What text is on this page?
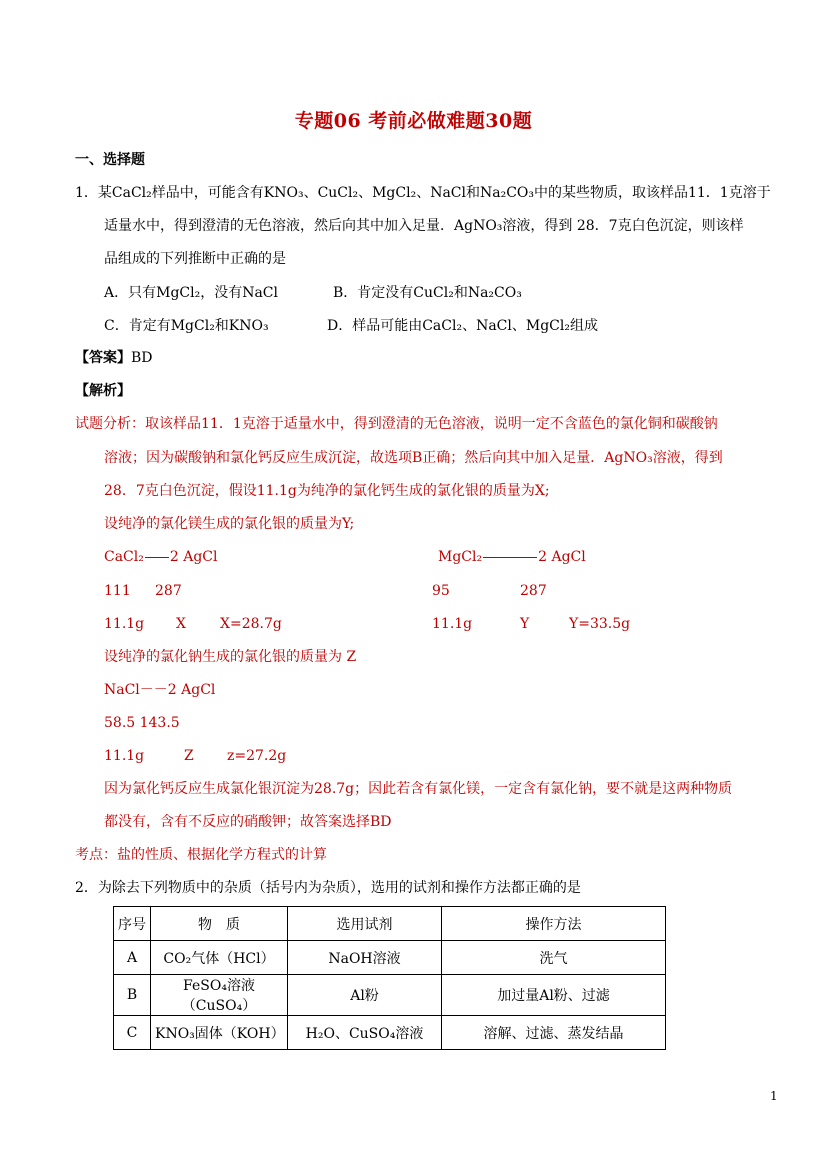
专题06 考前必做难题30题
一、选择题
1．某CaCl₂样品中，可能含有KNO₃、CuCl₂、MgCl₂、NaCl和Na₂CO₃中的某些物质，取该样品11．1克溶于
适量水中，得到澄清的无色溶液，然后向其中加入足量．AgNO₃溶液，得到 28．7克白色沉淀，则该样
品组成的下列推断中正确的是
A．只有MgCl₂，没有NaCl	B．肯定没有CuCl₂和Na₂CO₃
C．肯定有MgCl₂和KNO₃	D．样品可能由CaCl₂、NaCl、MgCl₂组成
【答案】BD
【解析】
试题分析：取该样品11．1克溶于适量水中，得到澄清的无色溶液，说明一定不含蓝色的氯化铜和碳酸钠
溶液；因为碳酸钠和氯化钙反应生成沉淀，故选项B正确；然后向其中加入足量．AgNO₃溶液，得到
28．7克白色沉淀，假设11.1g为纯净的氯化钙生成的氯化银的质量为X;
设纯净的氯化镁生成的氯化银的质量为Y;
CaCl₂ 2 AgCl	MgCl₂	2 AgCl
111 287	95	287
11.1g X X=28.7g	11.1g	Y	Y=33.5g
设纯净的氯化钠生成的氯化银的质量为 Z
NaCl－－2 AgCl
58.5 143.5
11.1g	Z z=27.2g
因为氯化钙反应生成氯化银沉淀为28.7g；因此若含有氯化镁，一定含有氯化钠，要不就是这两种物质
都没有，含有不反应的硝酸钾；故答案选择BD
考点：盐的性质、根据化学方程式的计算
2．为除去下列物质中的杂质（括号内为杂质），选用的试剂和操作方法都正确的是
序号	物　质	选用试剂	操作方法
A	CO₂气体（HCl）	NaOH溶液	洗气
B	FeSO₄溶液（CuSO₄）	Al粉	加过量Al粉、过滤
C	KNO₃固体（KOH）	H₂O、CuSO₄溶液	溶解、过滤、蒸发结晶
1
